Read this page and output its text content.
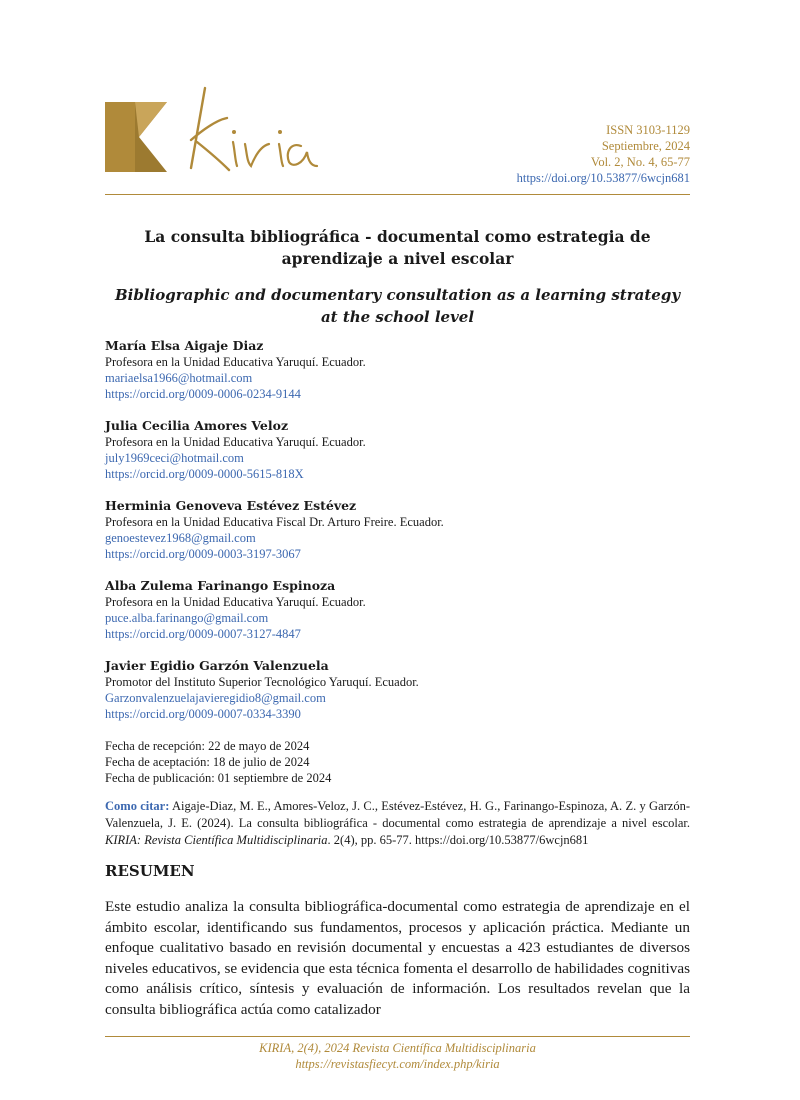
ISSN 3103-1129
Septiembre, 2024
Vol. 2, No. 4, 65-77
https://doi.org/10.53877/6wcjn681
La consulta bibliográfica - documental como estrategia de aprendizaje a nivel escolar
Bibliographic and documentary consultation as a learning strategy at the school level
María Elsa Aigaje Diaz
Profesora en la Unidad Educativa Yaruquí. Ecuador.
mariaelsa1966@hotmail.com
https://orcid.org/0009-0006-0234-9144
Julia Cecilia Amores Veloz
Profesora en la Unidad Educativa Yaruquí. Ecuador.
july1969ceci@hotmail.com
https://orcid.org/0009-0000-5615-818X
Herminia Genoveva Estévez Estévez
Profesora en la Unidad Educativa Fiscal Dr. Arturo Freire. Ecuador.
genoestevez1968@gmail.com
https://orcid.org/0009-0003-3197-3067
Alba Zulema Farinango Espinoza
Profesora en la Unidad Educativa Yaruquí. Ecuador.
puce.alba.farinango@gmail.com
https://orcid.org/0009-0007-3127-4847
Javier Egidio Garzón Valenzuela
Promotor del Instituto Superior Tecnológico Yaruquí. Ecuador.
Garzonvalenzuelajavieregidio8@gmail.com
https://orcid.org/0009-0007-0334-3390
Fecha de recepción: 22 de mayo de 2024
Fecha de aceptación: 18 de julio de 2024
Fecha de publicación: 01 septiembre de 2024
Como citar: Aigaje-Diaz, M. E., Amores-Veloz, J. C., Estévez-Estévez, H. G., Farinango-Espinoza, A. Z. y Garzón-Valenzuela, J. E. (2024). La consulta bibliográfica - documental como estrategia de aprendizaje a nivel escolar. KIRIA: Revista Científica Multidisciplinaria. 2(4), pp. 65-77. https://doi.org/10.53877/6wcjn681
RESUMEN
Este estudio analiza la consulta bibliográfica-documental como estrategia de aprendizaje en el ámbito escolar, identificando sus fundamentos, procesos y aplicación práctica. Mediante un enfoque cualitativo basado en revisión documental y encuestas a 423 estudiantes de diversos niveles educativos, se evidencia que esta técnica fomenta el desarrollo de habilidades cognitivas como análisis crítico, síntesis y evaluación de información. Los resultados revelan que la consulta bibliográfica actúa como catalizador
KIRIA, 2(4), 2024 Revista Científica Multidisciplinaria
https://revistasfiecyt.com/index.php/kiria
